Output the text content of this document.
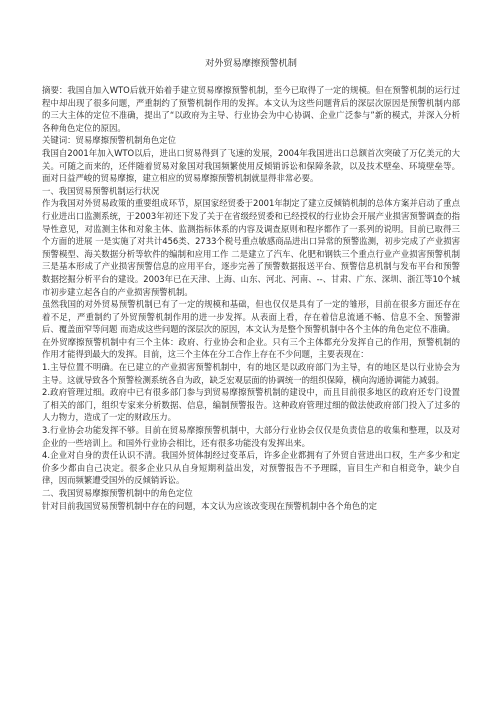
对外贸易摩擦预警机制

摘要：我国自加入WTO后就开始着手建立贸易摩擦预警机制，至今已取得了一定的规模。但在预警机制的运行过程中却出现了很多问题，严重制约了预警机制作用的发挥。本文认为这些问题背后的深层次原因是预警机制内部的三大主体的定位不准确，提出了“以政府为主导、行业协会为中心协调、企业广泛参与”新的模式，并深入分析各种角色定位的原因。

关键词：贸易摩擦预警机制角色定位

我国自2001年加入WTO以后，进出口贸易得到了飞速的发展，2004年我国进出口总额首次突破了万亿美元的大关。可随之而来的，还伴随着贸易对象国对我国频繁使用反倾销诉讼和保障条款，以及技术壁垒、环境壁垒等。面对日益严峻的贸易摩擦，建立相应的贸易摩擦预警机制就显得非常必要。

一、我国贸易预警机制运行状况

作为我国对外贸易政策的重要组成环节，原国家经贸委于2001年制定了建立反倾销机制的总体方案并启动了重点行业进出口监测系统，于2003年初还下发了关于在省级经贸委和已经授权的行业协会开展产业损害预警调查的指导性意见，对监测主体和对象主体、监测指标体系的内容及调查原则和程序都作了一系列的说明。目前已取得三个方面的进展 一是实施了对共计456类、2733个税号重点敏感商品进出口异常的预警监测，初步完成了产业损害预警模型、海关数据分析等软件的编制和应用工作 二是建立了汽车、化肥和钢铁三个重点行业产业损害预警机制 三是基本形成了产业损害预警信息的应用平台，逐步完善了预警数据报送平台、预警信息机制与发布平台和预警数据挖掘分析平台的建设。2003年已在天津、上海、山东、河北、河南、--、甘肃、广东、深圳、浙江等10个城市初步建立起各自的产业损害预警机制。

虽然我国的对外贸易预警机制已有了一定的规模和基础，但也仅仅是具有了一定的雏形，目前在很多方面还存在着不足，严重制约了外贸预警机制作用的进一步发挥。从表面上看，存在着信息流通不畅、信息不全、预警滞后、覆盖面窄等问题 而造成这些问题的深层次的原因，本文认为是整个预警机制中各个主体的角色定位不准确。

在外贸摩擦预警机制中有三个主体：政府、行业协会和企业。只有三个主体都充分发挥自己的作用，预警机制的作用才能得到最大的发挥。目前，这三个主体在分工合作上存在不少问题，主要表现在：

1.主导位置不明确。在已建立的产业损害预警机制中，有的地区是以政府部门为主导，有的地区是以行业协会为主导。这就导致各个预警检测系统各自为政，缺乏宏观层面的协调统一的组织保障，横向沟通协调能力减弱。

2.政府管理过细。政府中已有很多部门参与到贸易摩擦预警机制的建设中，而且目前很多地区的政府还专门设置了相关的部门，组织专家来分析数据、信息，编制预警报告。这种政府管理过细的做法使政府部门投入了过多的人力物力，造成了一定的财政压力。

3.行业协会功能发挥不够。目前在贸易摩擦预警机制中，大部分行业协会仅仅是负责信息的收集和整理，以及对企业的一些培训上。和国外行业协会相比，还有很多功能没有发挥出来。

4.企业对自身的责任认识不清。我国外贸体制经过变革后，许多企业都拥有了外贸自营进出口权，生产多少和定价多少都由自己决定。很多企业只从自身短期利益出发，对预警报告不予理睬，盲目生产和自相竞争，缺少自律，因而频繁遭受国外的反倾销诉讼。

二、我国贸易摩擦预警机制中的角色定位

针对目前我国贸易预警机制中存在的问题，本文认为应该改变现在预警机制中各个角色的定
